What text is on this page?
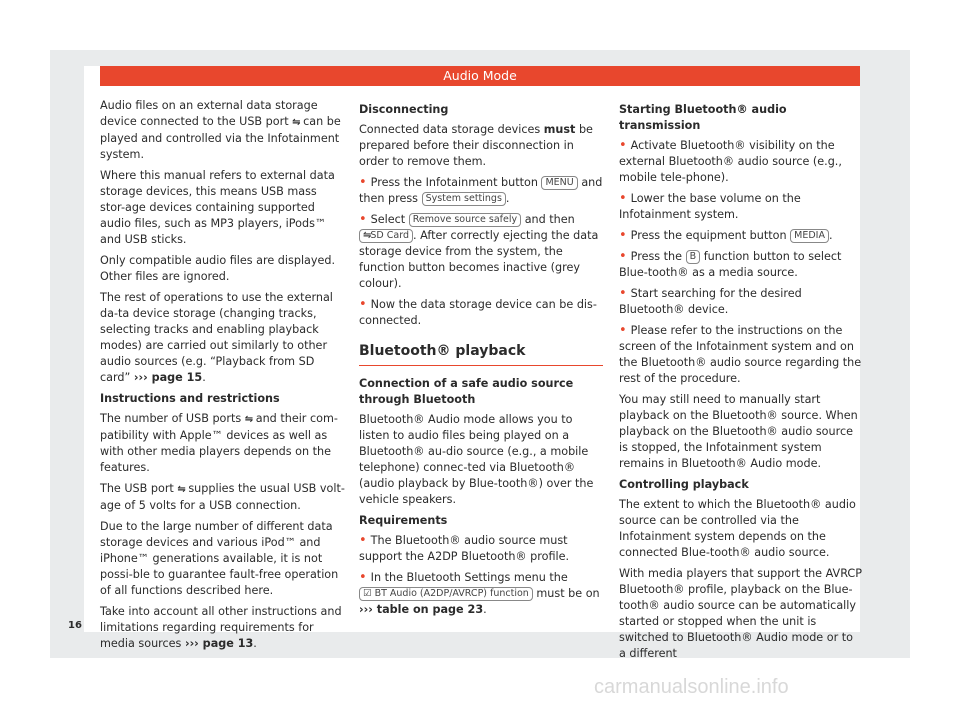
Audio Mode

Audio files on an external data storage device connected to the USB port ⇋ can be played and controlled via the Infotainment system.

Where this manual refers to external data storage devices, this means USB mass stor-age devices containing supported audio files, such as MP3 players, iPods™ and USB sticks.

Only compatible audio files are displayed. Other files are ignored.

The rest of operations to use the external da-ta device storage (changing tracks, selecting tracks and enabling playback modes) are carried out similarly to other audio sources (e.g. “Playback from SD card” ››› page 15.

Instructions and restrictions

The number of USB ports ⇋ and their com-patibility with Apple™ devices as well as with other media players depends on the features.

The USB port ⇋ supplies the usual USB volt-age of 5 volts for a USB connection.

Due to the large number of different data storage devices and various iPod™ and iPhone™ generations available, it is not possi-ble to guarantee fault-free operation of all functions described here.

Take into account all other instructions and limitations regarding requirements for media sources ››› page 13.

Disconnecting

Connected data storage devices must be prepared before their disconnection in order to remove them.

• Press the Infotainment button MENU and then press System settings .

• Select Remove source safely and then ⇋SD Card . After correctly ejecting the data storage device from the system, the function button becomes inactive (grey colour).

• Now the data storage device can be dis-connected.

Bluetooth® playback

Connection of a safe audio source through Bluetooth

Bluetooth® Audio mode allows you to listen to audio files being played on a Bluetooth® au-dio source (e.g., a mobile telephone) connec-ted via Bluetooth® (audio playback by Blue-tooth®) over the vehicle speakers.

Requirements

• The Bluetooth® audio source must support the A2DP Bluetooth® profile.

• In the Bluetooth Settings menu the ☑ BT Audio (A2DP/AVRCP) function must be on ››› table on page 23.

Starting Bluetooth® audio transmission

• Activate Bluetooth® visibility on the external Bluetooth® audio source (e.g., mobile tele-phone).

• Lower the base volume on the Infotainment system.

• Press the equipment button MEDIA .

• Press the B function button to select Blue-tooth® as a media source.

• Start searching for the desired Bluetooth® device.

• Please refer to the instructions on the screen of the Infotainment system and on the Bluetooth® audio source regarding the rest of the procedure.

You may still need to manually start playback on the Bluetooth® source. When playback on the Bluetooth® audio source is stopped, the Infotainment system remains in Bluetooth® Audio mode.

Controlling playback

The extent to which the Bluetooth® audio source can be controlled via the Infotainment system depends on the connected Blue-tooth® audio source.

With media players that support the AVRCP Bluetooth® profile, playback on the Blue-tooth® audio source can be automatically started or stopped when the unit is switched to Bluetooth® Audio mode or to a different

16
carmanualsonline.info
